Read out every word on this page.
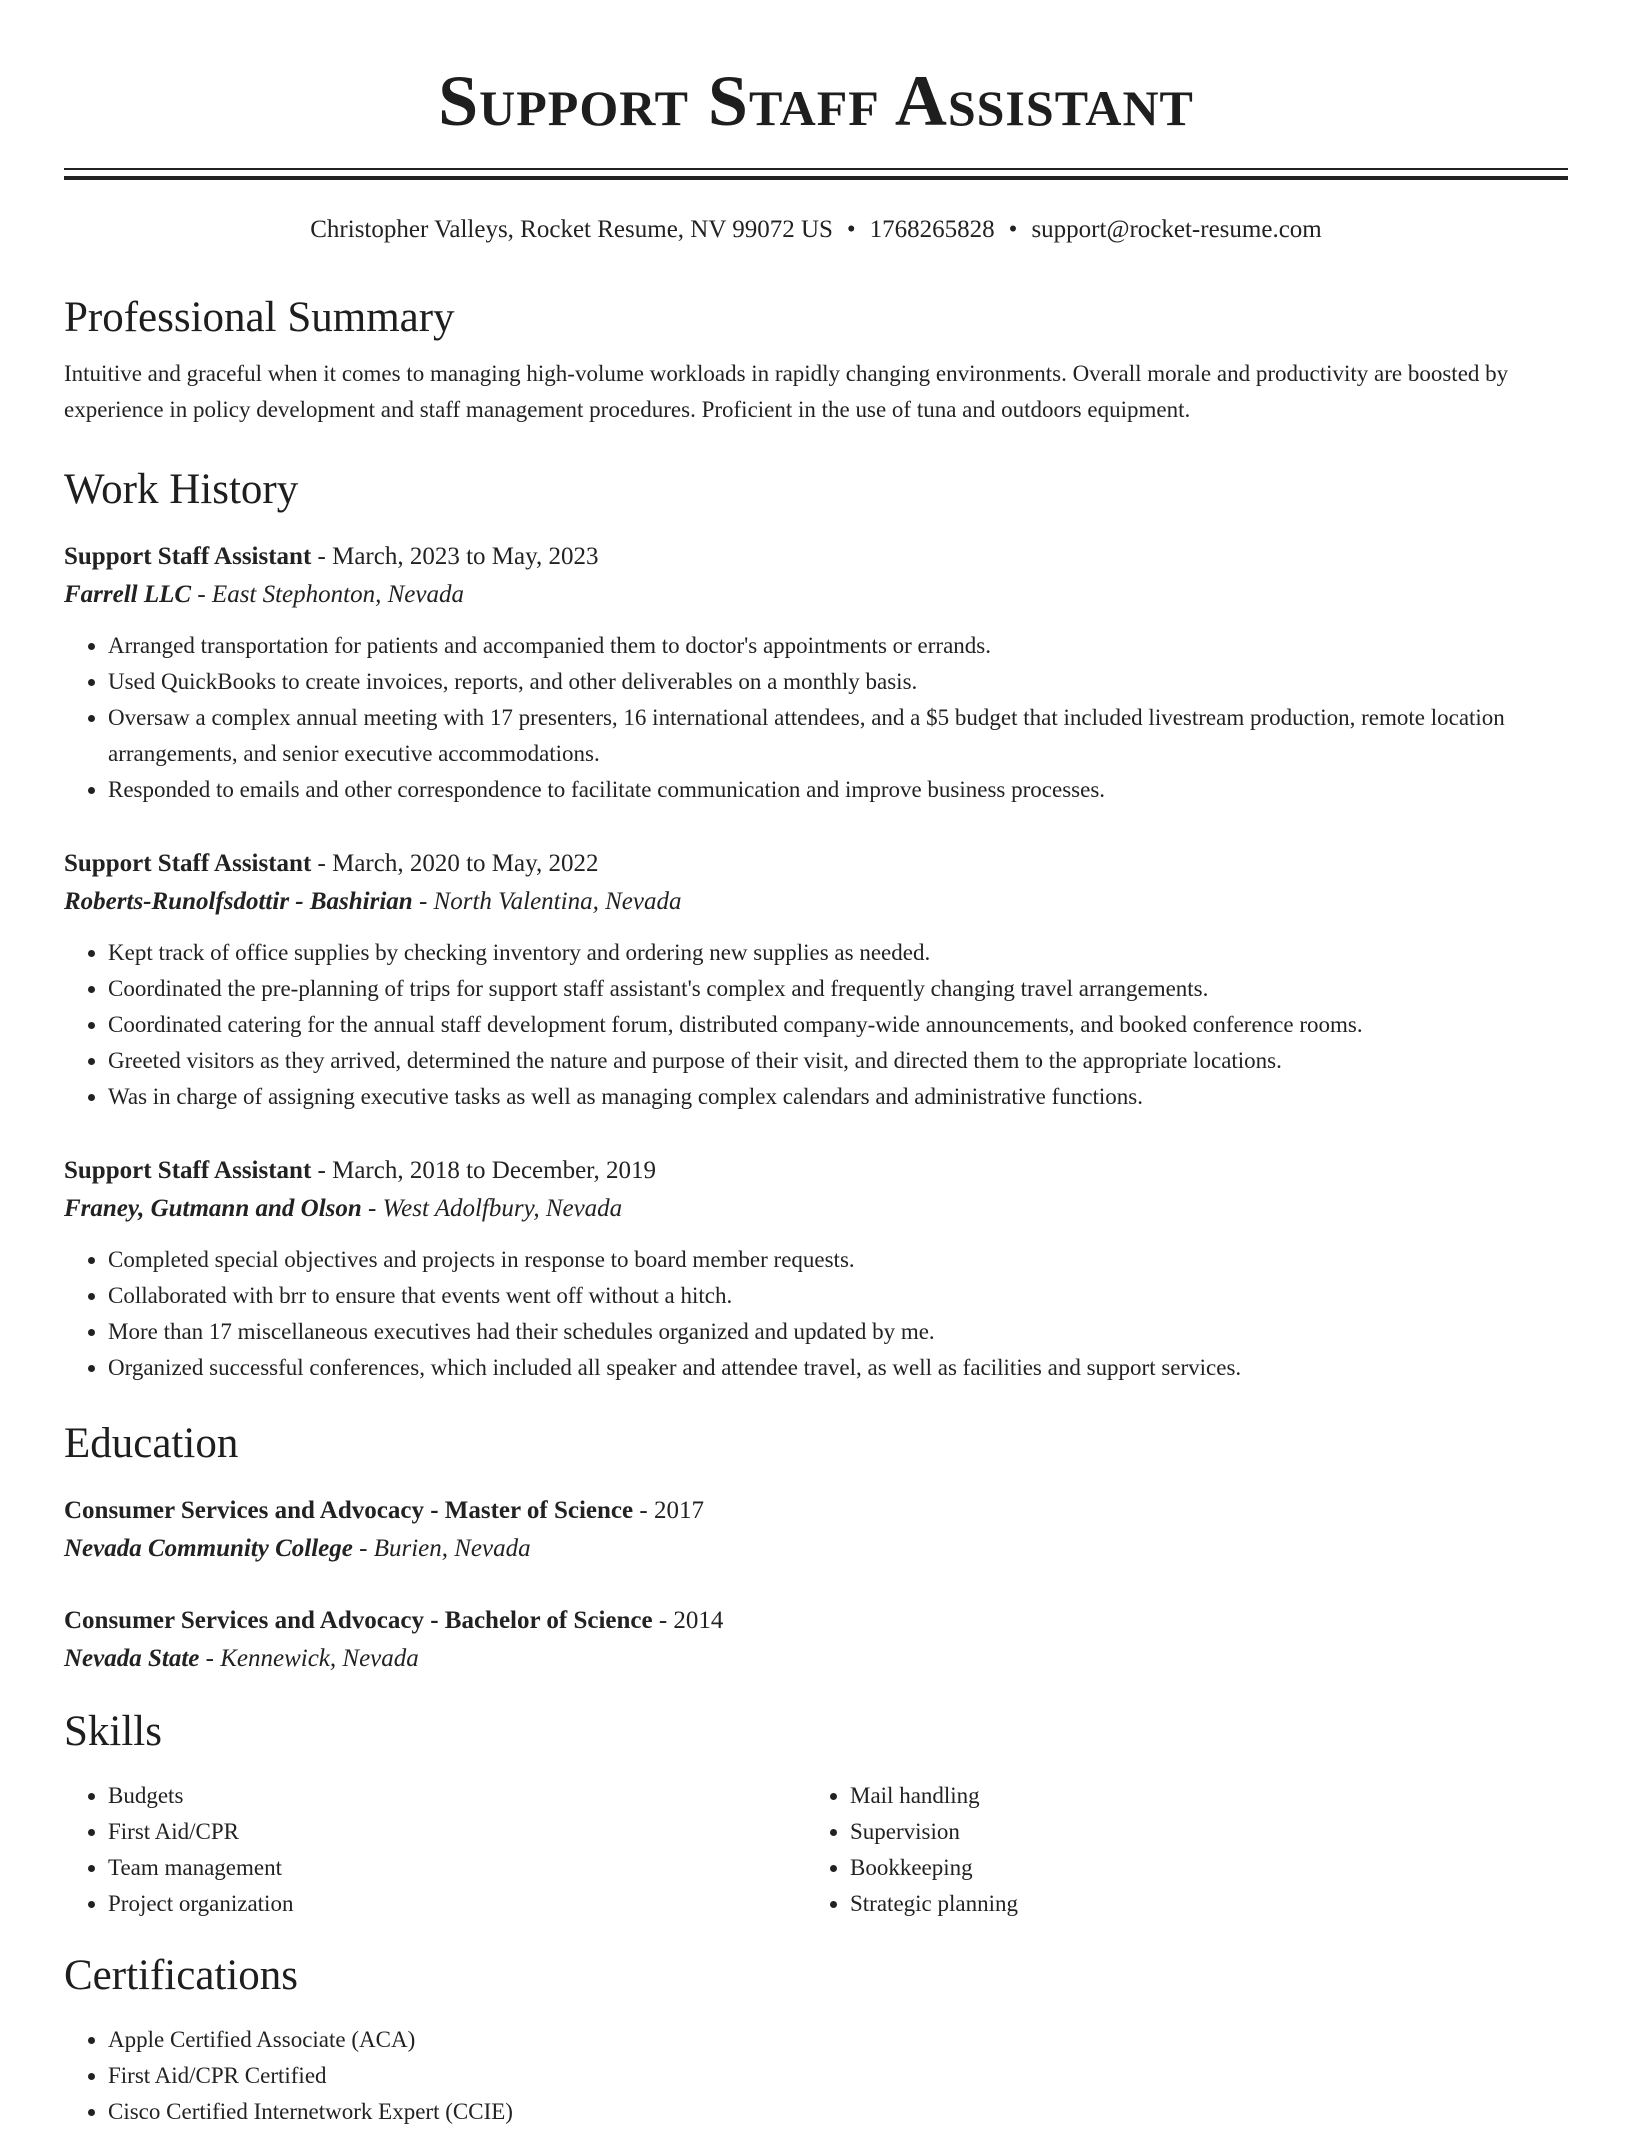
Support Staff Assistant
Christopher Valleys, Rocket Resume, NV 99072 US • 1768265828 • support@rocket-resume.com
Professional Summary

Intuitive and graceful when it comes to managing high-volume workloads in rapidly changing environments. Overall morale and productivity are boosted by experience in policy development and staff management procedures. Proficient in the use of tuna and outdoors equipment.

Work History
Support Staff Assistant - March, 2023 to May, 2023
Farrell LLC - East Stephonton, Nevada
• Arranged transportation for patients and accompanied them to doctor's appointments or errands.
• Used QuickBooks to create invoices, reports, and other deliverables on a monthly basis.
• Oversaw a complex annual meeting with 17 presenters, 16 international attendees, and a $5 budget that included livestream production, remote location arrangements, and senior executive accommodations.
• Responded to emails and other correspondence to facilitate communication and improve business processes.
Support Staff Assistant - March, 2020 to May, 2022
Roberts-Runolfsdottir - Bashirian - North Valentina, Nevada
• Kept track of office supplies by checking inventory and ordering new supplies as needed.
• Coordinated the pre-planning of trips for support staff assistant's complex and frequently changing travel arrangements.
• Coordinated catering for the annual staff development forum, distributed company-wide announcements, and booked conference rooms.
• Greeted visitors as they arrived, determined the nature and purpose of their visit, and directed them to the appropriate locations.
• Was in charge of assigning executive tasks as well as managing complex calendars and administrative functions.
Support Staff Assistant - March, 2018 to December, 2019
Franey, Gutmann and Olson - West Adolfbury, Nevada
• Completed special objectives and projects in response to board member requests.
• Collaborated with brr to ensure that events went off without a hitch.
• More than 17 miscellaneous executives had their schedules organized and updated by me.
• Organized successful conferences, which included all speaker and attendee travel, as well as facilities and support services.
Education
Consumer Services and Advocacy - Master of Science - 2017
Nevada Community College - Burien, Nevada
Consumer Services and Advocacy - Bachelor of Science - 2014
Nevada State - Kennewick, Nevada
Skills
• Budgets
• First Aid/CPR
• Team management
• Project organization
• Mail handling
• Supervision
• Bookkeeping
• Strategic planning
Certifications
• Apple Certified Associate (ACA)
• First Aid/CPR Certified
• Cisco Certified Internetwork Expert (CCIE)
